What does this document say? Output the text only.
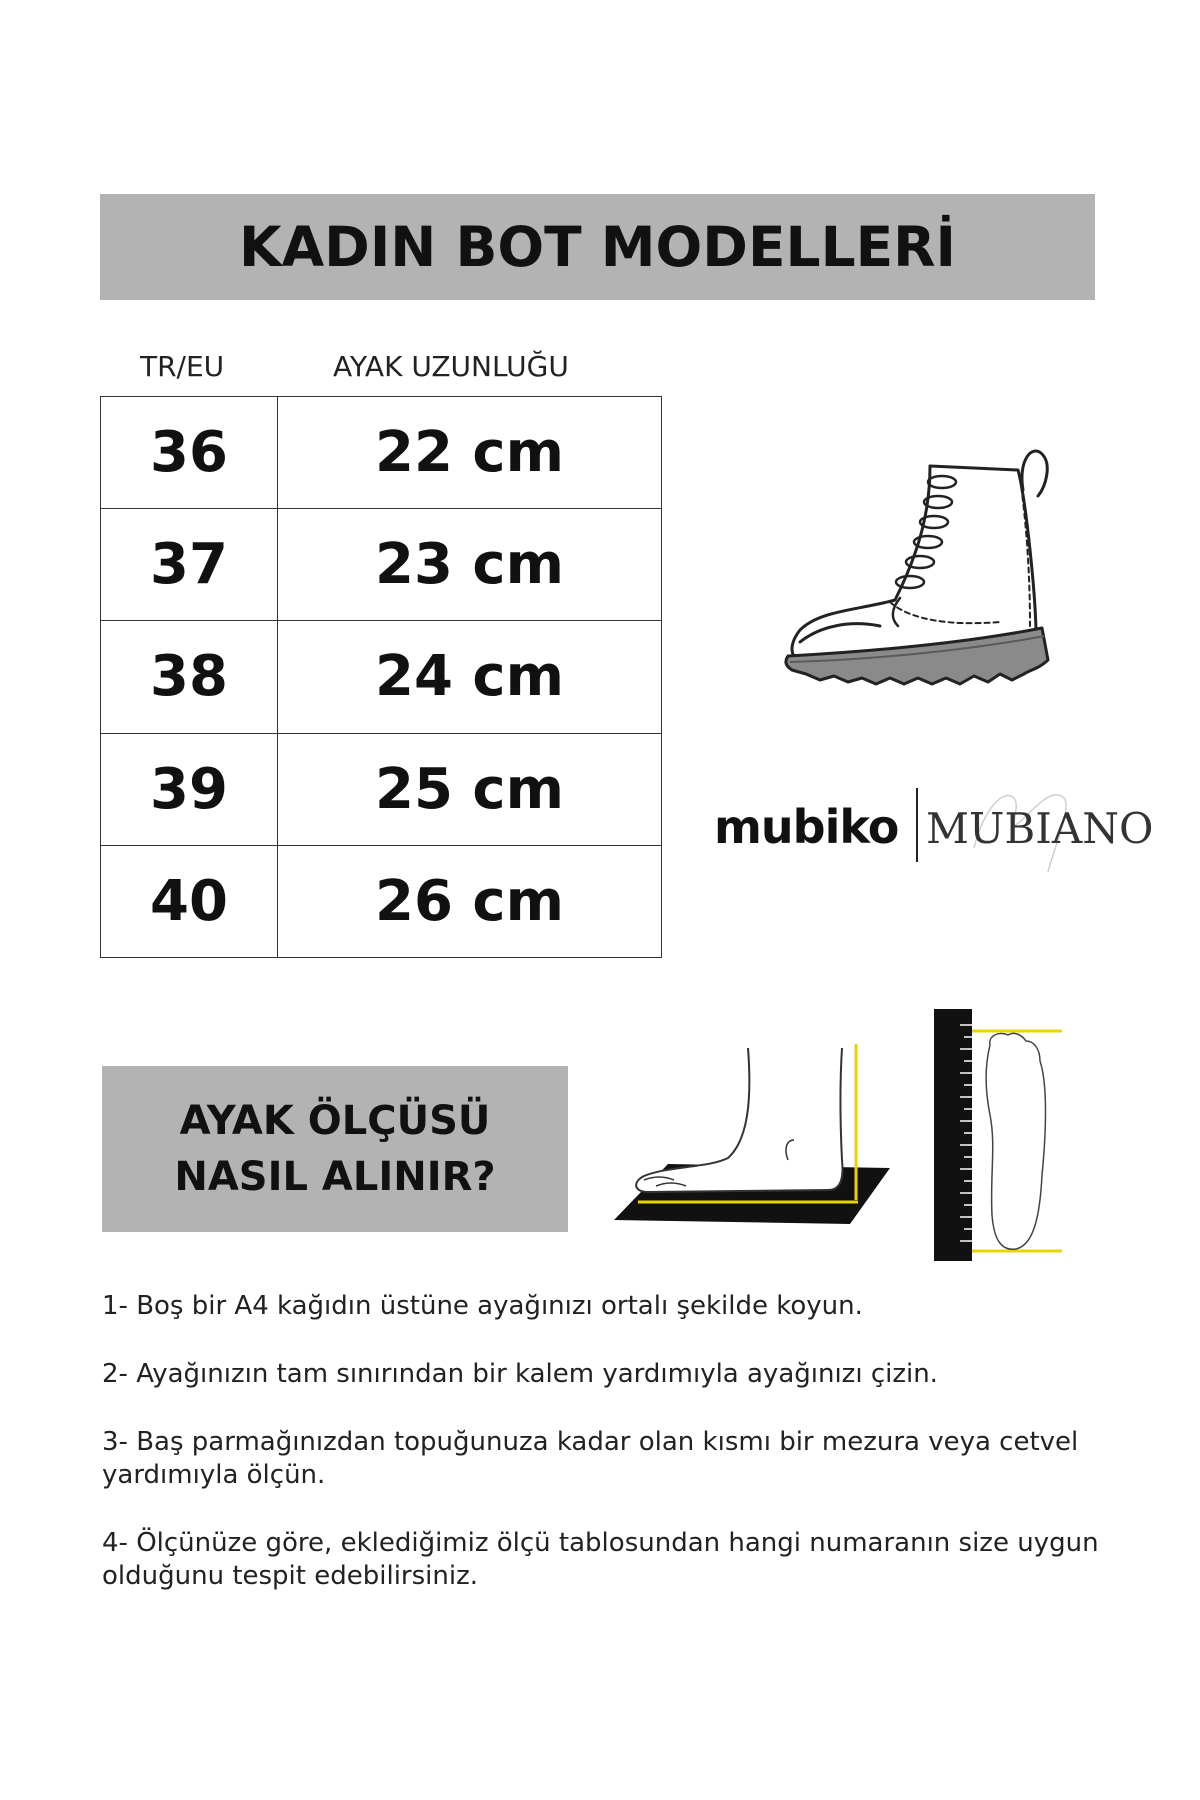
KADIN BOT MODELLERİ
TR/EU	AYAK UZUNLUĞU
36	22 cm
37	23 cm
38	24 cm
39	25 cm
40	26 cm
mubiko MUBIANO
AYAK ÖLÇÜSÜ
NASIL ALINIR?

1- Boş bir A4 kağıdın üstüne ayağınızı ortalı şekilde koyun.

2- Ayağınızın tam sınırından bir kalem yardımıyla ayağınızı çizin.

3- Baş parmağınızdan topuğunuza kadar olan kısmı bir mezura veya cetvel yardımıyla ölçün.

4- Ölçünüze göre, eklediğimiz ölçü tablosundan hangi numaranın size uygun olduğunu tespit edebilirsiniz.
